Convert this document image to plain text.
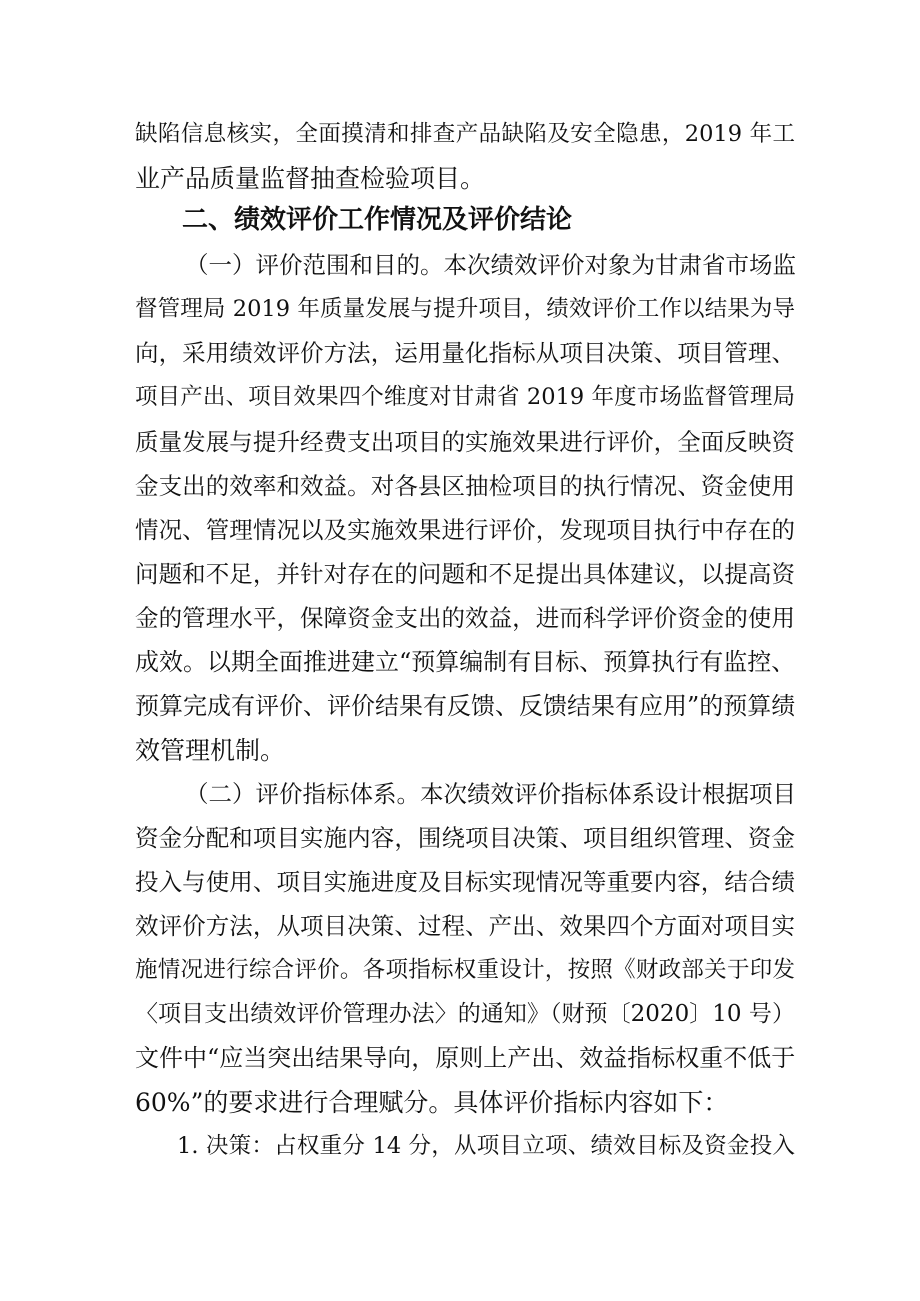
缺陷信息核实，全面摸清和排查产品缺陷及安全隐患，2019 年工
业产品质量监督抽查检验项目。
二、绩效评价工作情况及评价结论
（一）评价范围和目的。本次绩效评价对象为甘肃省市场监
督管理局 2019 年质量发展与提升项目，绩效评价工作以结果为导
向，采用绩效评价方法，运用量化指标从项目决策、项目管理、
项目产出、项目效果四个维度对甘肃省 2019 年度市场监督管理局
质量发展与提升经费支出项目的实施效果进行评价，全面反映资
金支出的效率和效益。对各县区抽检项目的执行情况、资金使用
情况、管理情况以及实施效果进行评价，发现项目执行中存在的
问题和不足，并针对存在的问题和不足提出具体建议，以提高资
金的管理水平，保障资金支出的效益，进而科学评价资金的使用
成效。以期全面推进建立“预算编制有目标、预算执行有监控、
预算完成有评价、评价结果有反馈、反馈结果有应用”的预算绩
效管理机制。
（二）评价指标体系。本次绩效评价指标体系设计根据项目
资金分配和项目实施内容，围绕项目决策、项目组织管理、资金
投入与使用、项目实施进度及目标实现情况等重要内容，结合绩
效评价方法，从项目决策、过程、产出、效果四个方面对项目实
施情况进行综合评价。各项指标权重设计，按照《财政部关于印发
〈项目支出绩效评价管理办法〉的通知》（财预〔2020〕10 号）
文件中“应当突出结果导向，原则上产出、效益指标权重不低于
60%”的要求进行合理赋分。具体评价指标内容如下：
1. 决策：占权重分 14 分，从项目立项、绩效目标及资金投入
